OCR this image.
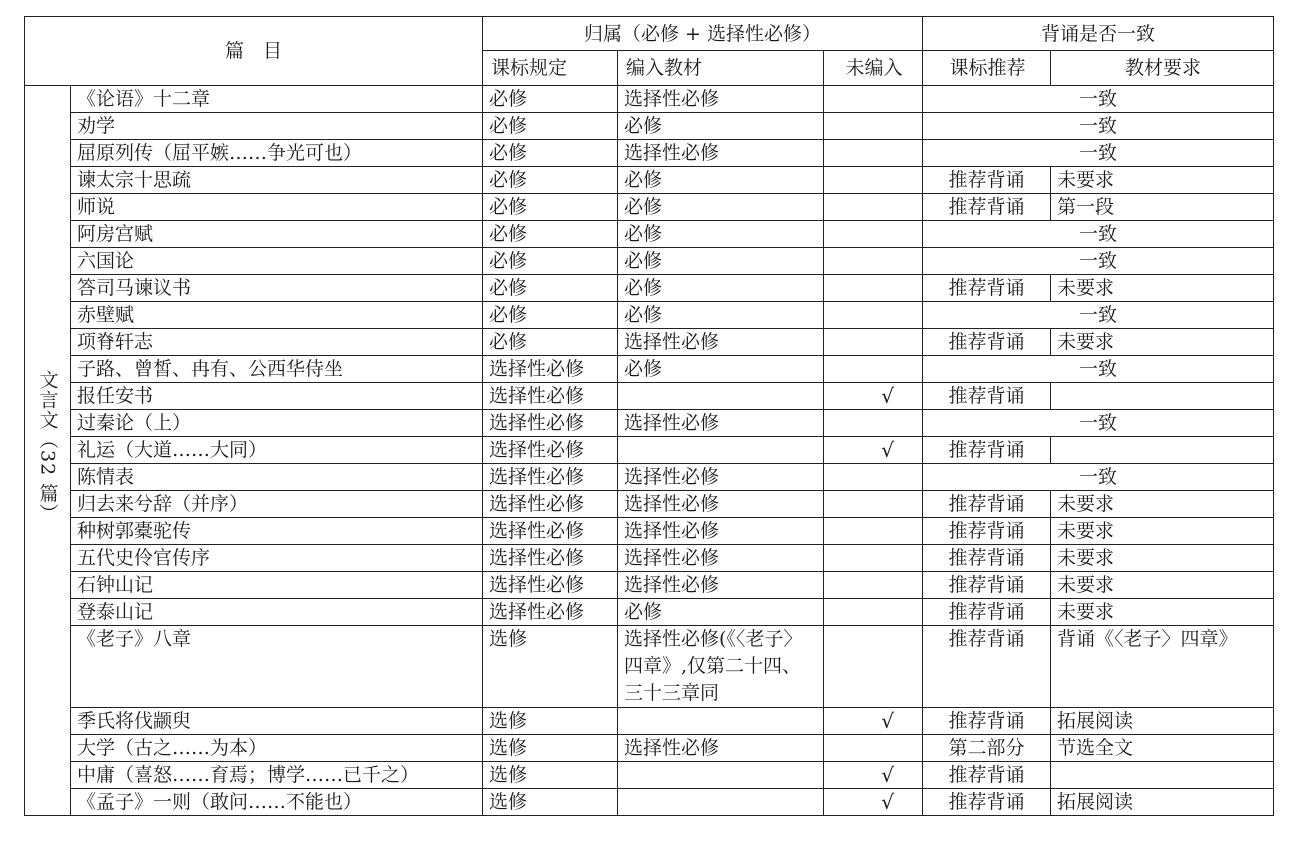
篇　目		归属（必修 + 选择性必修）			背诵是否一致	
		课标规定	编入教材	未编入	课标推荐	教材要求
文言文（32 篇）	《论语》十二章	必修	选择性必修		一致	
	劝学	必修	必修		一致	
	屈原列传（屈平嫉……争光可也）	必修	选择性必修		一致	
	谏太宗十思疏	必修	必修		推荐背诵	未要求
	师说	必修	必修		推荐背诵	第一段
	阿房宫赋	必修	必修		一致	
	六国论	必修	必修		一致	
	答司马谏议书	必修	必修		推荐背诵	未要求
	赤壁赋	必修	必修		一致	
	项脊轩志	必修	选择性必修		推荐背诵	未要求
	子路、曾皙、冉有、公西华侍坐	选择性必修	必修		一致	
	报任安书	选择性必修		√	推荐背诵	
	过秦论（上）	选择性必修	选择性必修		一致	
	礼运（大道……大同）	选择性必修		√	推荐背诵	
	陈情表	选择性必修	选择性必修		一致	
	归去来兮辞（并序）	选择性必修	选择性必修		推荐背诵	未要求
	种树郭橐驼传	选择性必修	选择性必修		推荐背诵	未要求
	五代史伶官传序	选择性必修	选择性必修		推荐背诵	未要求
	石钟山记	选择性必修	选择性必修		推荐背诵	未要求
	登泰山记	选择性必修	必修		推荐背诵	未要求
	《老子》八章	选修	选择性必修(《〈老子〉四章》,仅第二十四、三十三章同		推荐背诵	背诵《〈老子〉四章》
	季氏将伐颛臾	选修		√	推荐背诵	拓展阅读
	大学（古之……为本）	选修	选择性必修		第二部分	节选全文
	中庸（喜怒……育焉；博学……已千之）	选修		√	推荐背诵	
	《孟子》一则（敢问……不能也）	选修		√	推荐背诵	拓展阅读
